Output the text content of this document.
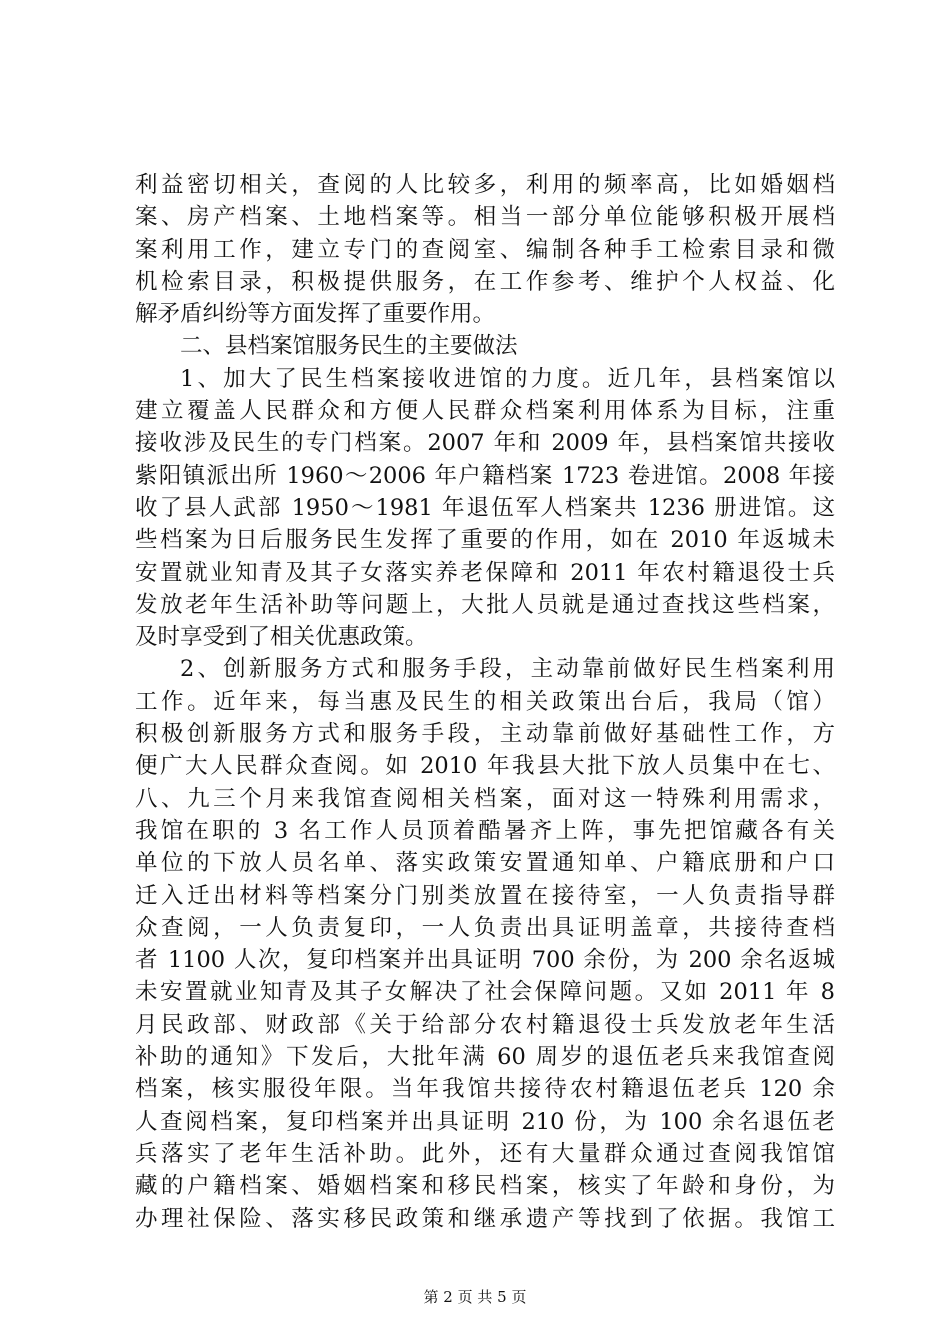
利益密切相关，查阅的人比较多，利用的频率高，比如婚姻档
案、房产档案、土地档案等。相当一部分单位能够积极开展档
案利用工作，建立专门的查阅室、编制各种手工检索目录和微
机检索目录，积极提供服务，在工作参考、维护个人权益、化
解矛盾纠纷等方面发挥了重要作用。
二、县档案馆服务民生的主要做法
1、加大了民生档案接收进馆的力度。近几年，县档案馆以
建立覆盖人民群众和方便人民群众档案利用体系为目标，注重
接收涉及民生的专门档案。2007 年和 2009 年，县档案馆共接收
紫阳镇派出所 1960～2006 年户籍档案 1723 卷进馆。2008 年接
收了县人武部 1950～1981 年退伍军人档案共 1236 册进馆。这
些档案为日后服务民生发挥了重要的作用，如在 2010 年返城未
安置就业知青及其子女落实养老保障和 2011 年农村籍退役士兵
发放老年生活补助等问题上，大批人员就是通过查找这些档案，
及时享受到了相关优惠政策。
2、创新服务方式和服务手段，主动靠前做好民生档案利用
工作。近年来，每当惠及民生的相关政策出台后，我局（馆）
积极创新服务方式和服务手段，主动靠前做好基础性工作，方
便广大人民群众查阅。如 2010 年我县大批下放人员集中在七、
八、九三个月来我馆查阅相关档案，面对这一特殊利用需求，
我馆在职的 3 名工作人员顶着酷暑齐上阵，事先把馆藏各有关
单位的下放人员名单、落实政策安置通知单、户籍底册和户口
迁入迁出材料等档案分门别类放置在接待室，一人负责指导群
众查阅，一人负责复印，一人负责出具证明盖章，共接待查档
者 1100 人次，复印档案并出具证明 700 余份，为 200 余名返城
未安置就业知青及其子女解决了社会保障问题。又如 2011 年 8
月民政部、财政部《关于给部分农村籍退役士兵发放老年生活
补助的通知》下发后，大批年满 60 周岁的退伍老兵来我馆查阅
档案，核实服役年限。当年我馆共接待农村籍退伍老兵 120 余
人查阅档案，复印档案并出具证明 210 份，为 100 余名退伍老
兵落实了老年生活补助。此外，还有大量群众通过查阅我馆馆
藏的户籍档案、婚姻档案和移民档案，核实了年龄和身份，为
办理社保险、落实移民政策和继承遗产等找到了依据。我馆工
第 2 页 共 5 页
